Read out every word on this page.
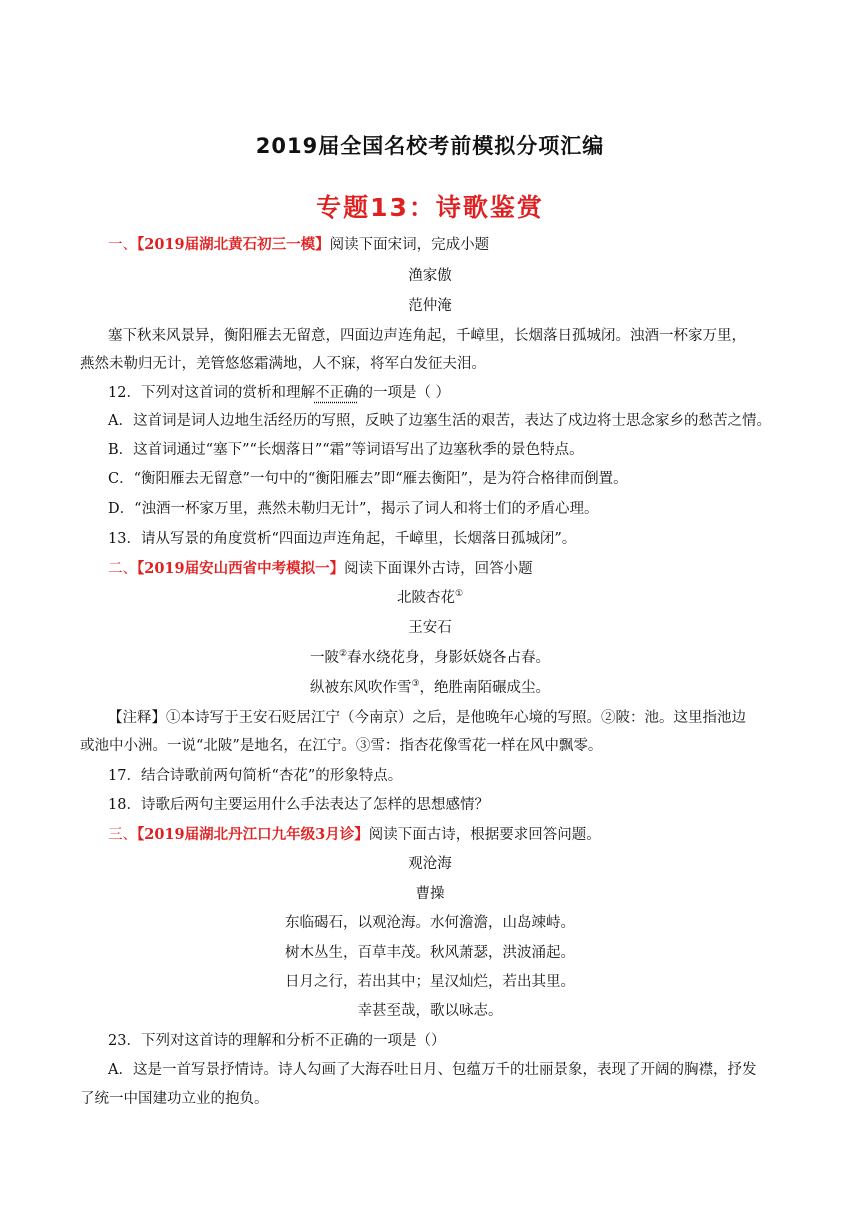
2019届全国名校考前模拟分项汇编
专题13：诗歌鉴赏
一、【2019届湖北黄石初三一模】阅读下面宋词，完成小题
渔家傲
范仲淹
塞下秋来风景异，衡阳雁去无留意，四面边声连角起，千嶂里，长烟落日孤城闭。浊酒一杯家万里，
燕然未勒归无计，羌管悠悠霜满地，人不寐，将军白发征夫泪。
12．下列对这首词的赏析和理解不正确的一项是（ ）
A．这首词是词人边地生活经历的写照，反映了边塞生活的艰苦，表达了戍边将士思念家乡的愁苦之情。
B．这首词通过“塞下”“长烟落日”“霜”等词语写出了边塞秋季的景色特点。
C．“衡阳雁去无留意”一句中的“衡阳雁去”即“雁去衡阳”，是为符合格律而倒置。
D．“浊酒一杯家万里，燕然未勒归无计”，揭示了词人和将士们的矛盾心理。
13．请从写景的角度赏析“四面边声连角起，千嶂里，长烟落日孤城闭”。
二、【2019届安山西省中考模拟一】阅读下面课外古诗，回答小题
北陂杏花①
王安石
一陂②春水绕花身，身影妖娆各占春。
纵被东风吹作雪③，绝胜南陌碾成尘。
【注释】①本诗写于王安石贬居江宁（今南京）之后，是他晚年心境的写照。②陂：池。这里指池边
或池中小洲。一说“北陂”是地名，在江宁。③雪：指杏花像雪花一样在风中飘零。
17．结合诗歌前两句简析“杏花”的形象特点。
18．诗歌后两句主要运用什么手法表达了怎样的思想感情？
三、【2019届湖北丹江口九年级3月诊】阅读下面古诗，根据要求回答问题。
观沧海
曹操
东临碣石，以观沧海。水何澹澹，山岛竦峙。
树木丛生，百草丰茂。秋风萧瑟，洪波涌起。
日月之行，若出其中；星汉灿烂，若出其里。
幸甚至哉，歌以咏志。
23．下列对这首诗的理解和分析不正确的一项是（）
A．这是一首写景抒情诗。诗人勾画了大海吞吐日月、包蕴万千的壮丽景象，表现了开阔的胸襟，抒发
了统一中国建功立业的抱负。
